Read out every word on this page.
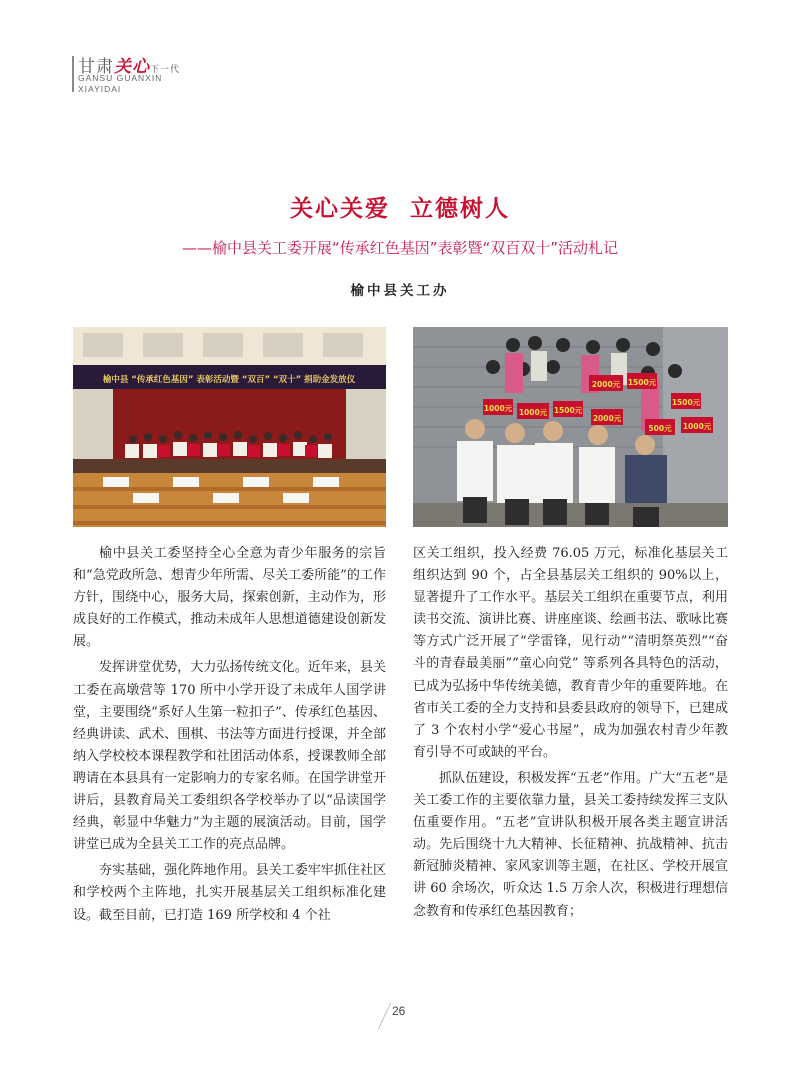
甘肃关心下一代
GANSU GUANXIN
XIAYIDAI
关心关爱  立德树人
——榆中县关工委开展“传承红色基因”表彰暨“双百双十”活动札记
榆中县关工办
榆中县 “传承红色基因” 表彰活动暨 “双百” “双十” 捐助金发放仪
1000元
2000元 1500元
1000元 1500元
2000元
1500元
500元 1000元

榆中县关工委坚持全心全意为青少年服务的宗旨和“急党政所急、想青少年所需、尽关工委所能”的工作方针，围绕中心，服务大局，探索创新，主动作为，形成良好的工作模式，推动未成年人思想道德建设创新发展。

发挥讲堂优势，大力弘扬传统文化。近年来，县关工委在高墩营等 170 所中小学开设了未成年人国学讲堂，主要围绕“系好人生第一粒扣子”、传承红色基因、经典讲读、武术、围棋、书法等方面进行授课，并全部纳入学校校本课程教学和社团活动体系，授课教师全部聘请在本县具有一定影响力的专家名师。在国学讲堂开讲后，县教育局关工委组织各学校举办了以“品读国学经典，彰显中华魅力”为主题的展演活动。目前，国学讲堂已成为全县关工工作的亮点品牌。

夯实基础，强化阵地作用。县关工委牢牢抓住社区和学校两个主阵地，扎实开展基层关工组织标准化建设。截至目前，已打造 169 所学校和 4 个社

区关工组织，投入经费 76.05 万元，标准化基层关工组织达到 90 个，占全县基层关工组织的 90%以上，显著提升了工作水平。基层关工组织在重要节点，利用读书交流、演讲比赛、讲座座谈、绘画书法、歌咏比赛等方式广泛开展了“学雷锋，见行动”“清明祭英烈”“奋斗的青春最美丽”“童心向党” 等系列各具特色的活动，已成为弘扬中华传统美德，教育青少年的重要阵地。在省市关工委的全力支持和县委县政府的领导下，已建成了 3 个农村小学“爱心书屋”，成为加强农村青少年教育引导不可或缺的平台。

抓队伍建设，积极发挥“五老”作用。广大“五老”是关工委工作的主要依靠力量，县关工委持续发挥三支队伍重要作用。“五老”宣讲队积极开展各类主题宣讲活动。先后围绕十九大精神、长征精神、抗战精神、抗击新冠肺炎精神、家风家训等主题，在社区、学校开展宣讲 60 余场次，听众达 1.5 万余人次，积极进行理想信念教育和传承红色基因教育；

26
